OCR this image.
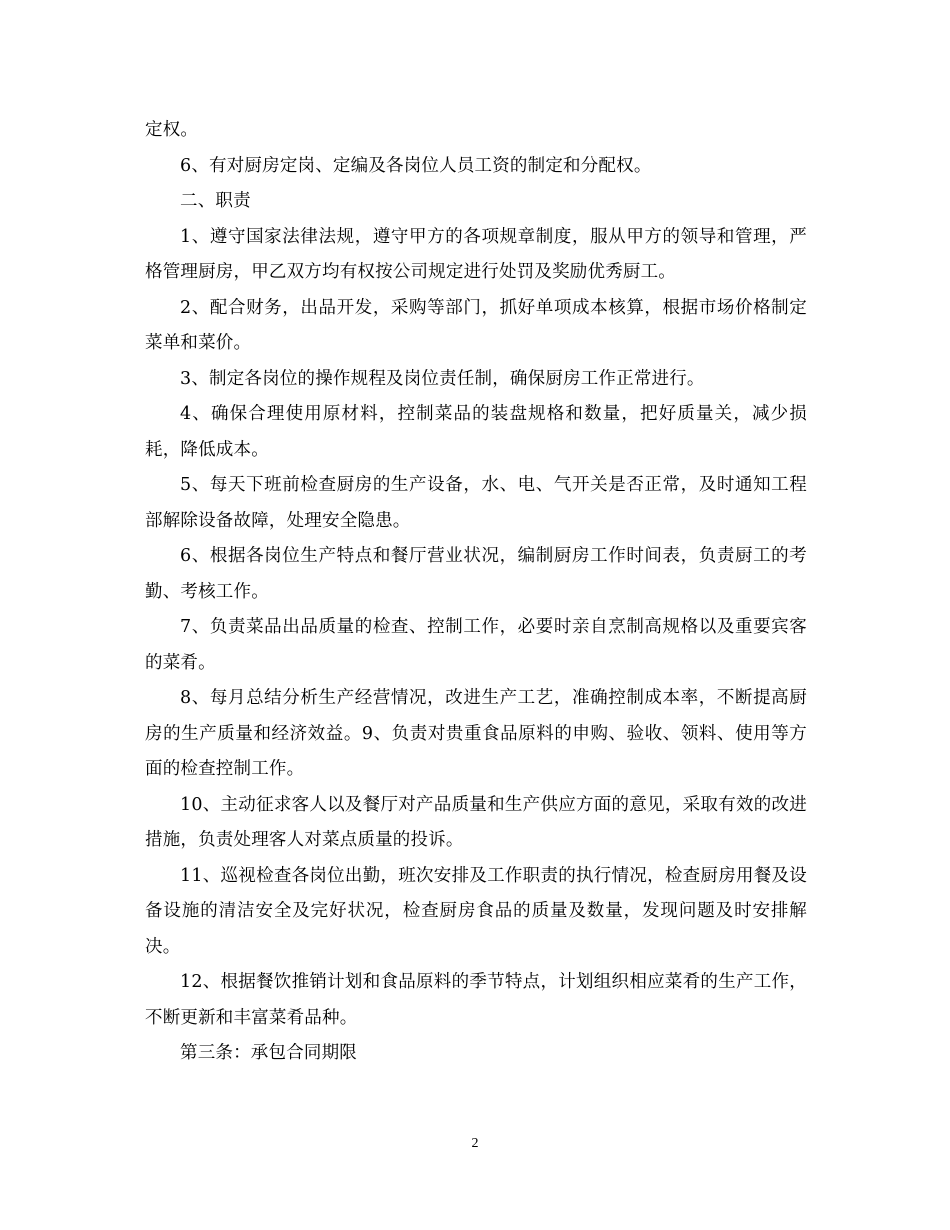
定权。

6、有对厨房定岗、定编及各岗位人员工资的制定和分配权。

二、职责

1、遵守国家法律法规，遵守甲方的各项规章制度，服从甲方的领导和管理，严格管理厨房，甲乙双方均有权按公司规定进行处罚及奖励优秀厨工。

2、配合财务，出品开发，采购等部门，抓好单项成本核算，根据市场价格制定菜单和菜价。

3、制定各岗位的操作规程及岗位责任制，确保厨房工作正常进行。

4、确保合理使用原材料，控制菜品的装盘规格和数量，把好质量关，减少损耗，降低成本。

5、每天下班前检查厨房的生产设备，水、电、气开关是否正常，及时通知工程部解除设备故障，处理安全隐患。

6、根据各岗位生产特点和餐厅营业状况，编制厨房工作时间表，负责厨工的考勤、考核工作。

7、负责菜品出品质量的检查、控制工作，必要时亲自烹制高规格以及重要宾客的菜肴。

8、每月总结分析生产经营情况，改进生产工艺，准确控制成本率，不断提高厨房的生产质量和经济效益。9、负责对贵重食品原料的申购、验收、领料、使用等方面的检查控制工作。

10、主动征求客人以及餐厅对产品质量和生产供应方面的意见，采取有效的改进措施，负责处理客人对菜点质量的投诉。

11、巡视检查各岗位出勤，班次安排及工作职责的执行情况，检查厨房用餐及设备设施的清洁安全及完好状况，检查厨房食品的质量及数量，发现问题及时安排解决。

12、根据餐饮推销计划和食品原料的季节特点，计划组织相应菜肴的生产工作，不断更新和丰富菜肴品种。

第三条：承包合同期限

2
